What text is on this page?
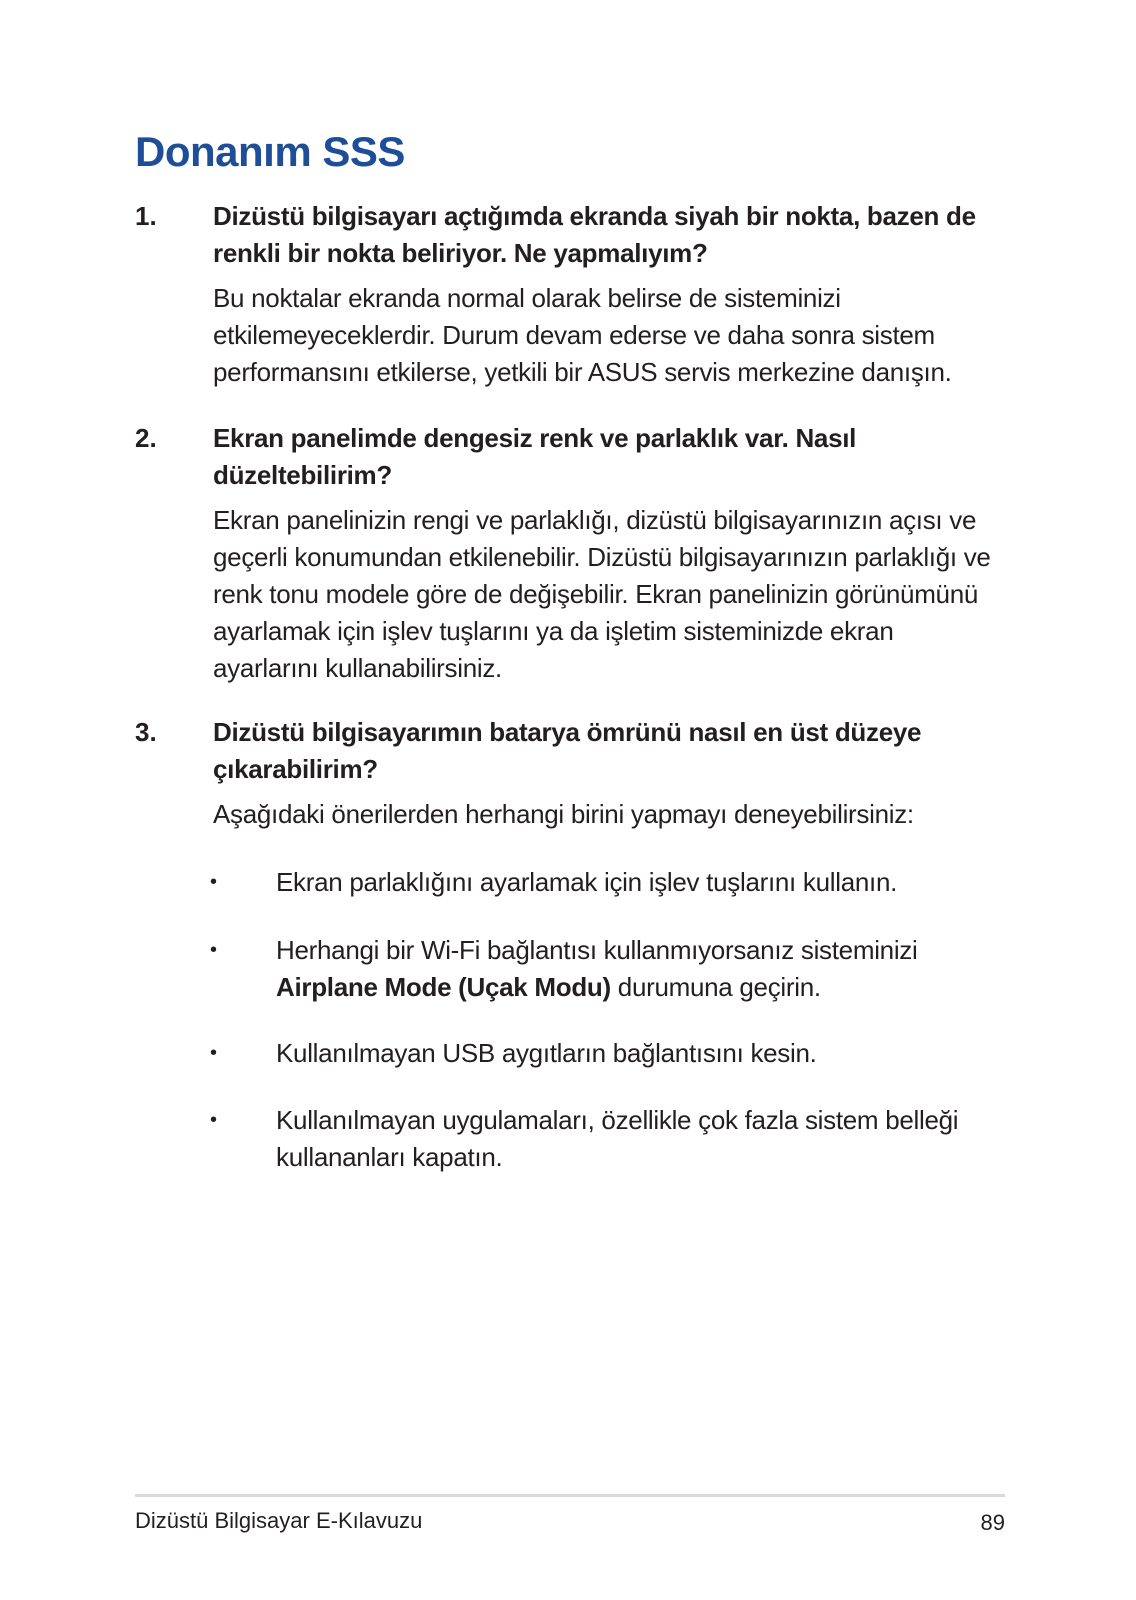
Donanım SSS
1. Dizüstü bilgisayarı açtığımda ekranda siyah bir nokta, bazen de renkli bir nokta beliriyor. Ne yapmalıyım?

Bu noktalar ekranda normal olarak belirse de sisteminizi etkilemeyeceklerdir. Durum devam ederse ve daha sonra sistem performansını etkilerse, yetkili bir ASUS servis merkezine danışın.

2. Ekran panelimde dengesiz renk ve parlaklık var. Nasıl düzeltebilirim?

Ekran panelinizin rengi ve parlaklığı, dizüstü bilgisayarınızın açısı ve geçerli konumundan etkilenebilir. Dizüstü bilgisayarınızın parlaklığı ve renk tonu modele göre de değişebilir. Ekran panelinizin görünümünü ayarlamak için işlev tuşlarını ya da işletim sisteminizde ekran ayarlarını kullanabilirsiniz.

3. Dizüstü bilgisayarımın batarya ömrünü nasıl en üst düzeye çıkarabilirim?

Aşağıdaki önerilerden herhangi birini yapmayı deneyebilirsiniz:

• Ekran parlaklığını ayarlamak için işlev tuşlarını kullanın.

• Herhangi bir Wi-Fi bağlantısı kullanmıyorsanız sisteminizi
Airplane Mode (Uçak Modu) durumuna geçirin.

• Kullanılmayan USB aygıtların bağlantısını kesin.

• Kullanılmayan uygulamaları, özellikle çok fazla sistem belleği kullananları kapatın.

Dizüstü Bilgisayar E-Kılavuzu	89
